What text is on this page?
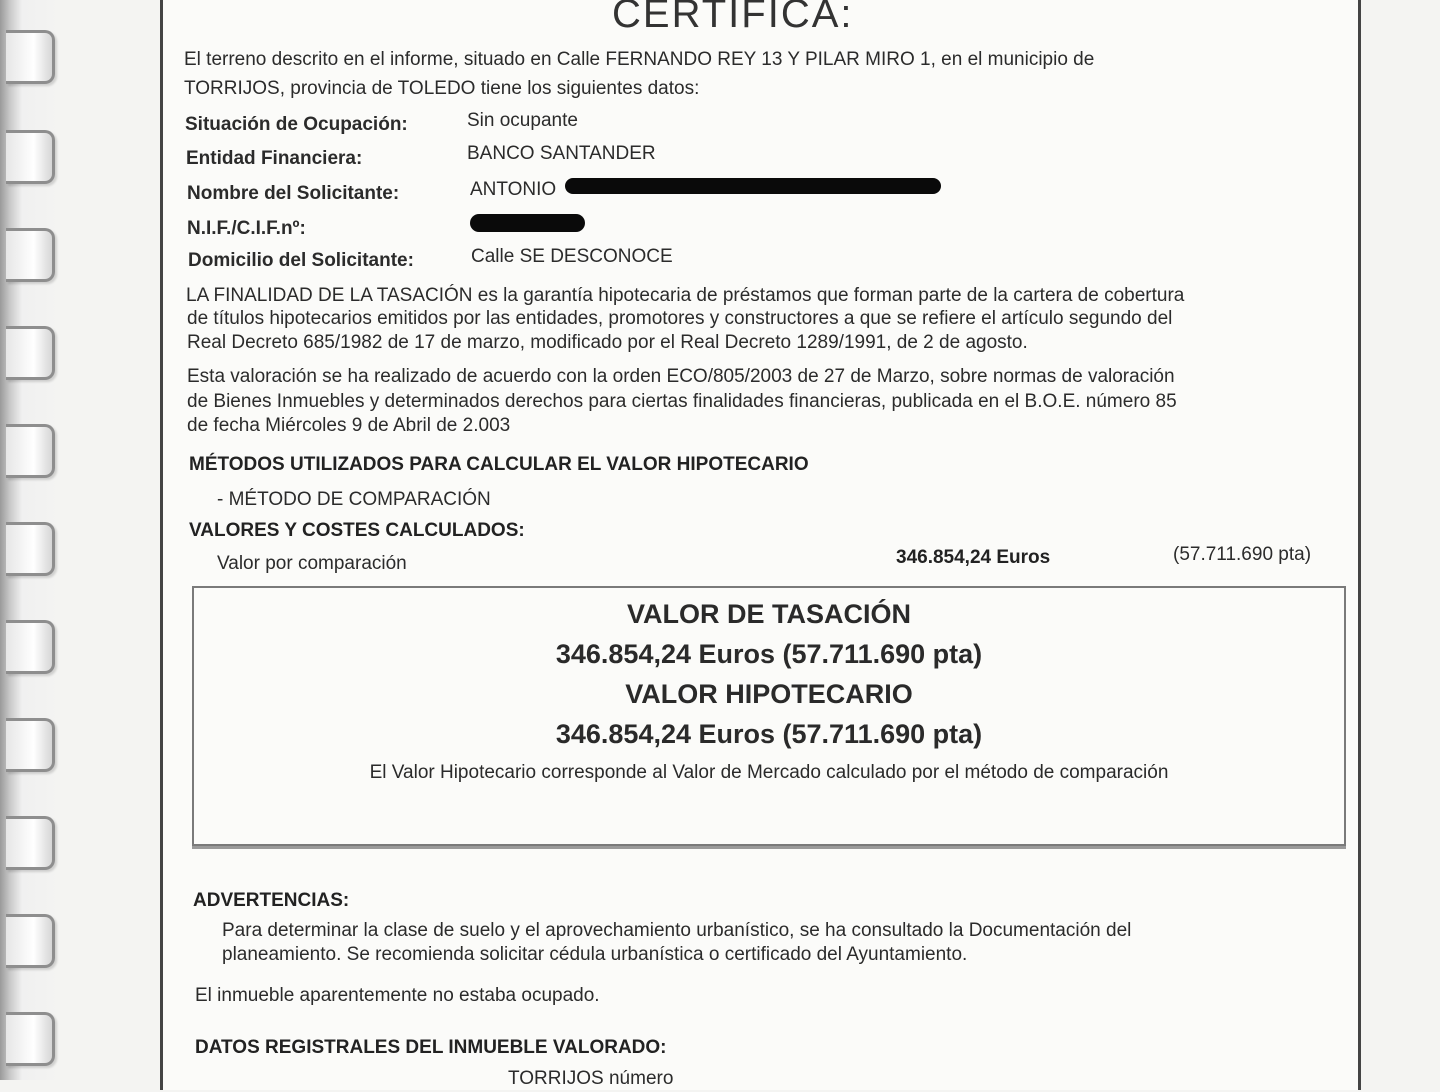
CERTIFICA:
El terreno descrito en el informe, situado en Calle FERNANDO REY 13 Y PILAR MIRO 1, en el municipio de
TORRIJOS, provincia de TOLEDO tiene los siguientes datos:
Situación de Ocupación:	Sin ocupante
Entidad Financiera:	BANCO SANTANDER
Nombre del Solicitante:	ANTONIO
N.I.F./C.I.F.nº:
Domicilio del Solicitante:	Calle SE DESCONOCE
LA FINALIDAD DE LA TASACIÓN es la garantía hipotecaria de préstamos que forman parte de la cartera de cobertura
de títulos hipotecarios emitidos por las entidades, promotores y constructores a que se refiere el artículo segundo del
Real Decreto 685/1982 de 17 de marzo, modificado por el Real Decreto 1289/1991, de 2 de agosto.
Esta valoración se ha realizado de acuerdo con la orden ECO/805/2003 de 27 de Marzo, sobre normas de valoración
de Bienes Inmuebles y determinados derechos para ciertas finalidades financieras, publicada en el B.O.E. número 85
de fecha Miércoles 9 de Abril de 2.003
MÉTODOS UTILIZADOS PARA CALCULAR EL VALOR HIPOTECARIO
- MÉTODO DE COMPARACIÓN
VALORES Y COSTES CALCULADOS:
Valor por comparación	346.854,24 Euros	(57.711.690 pta)
VALOR DE TASACIÓN
346.854,24 Euros (57.711.690 pta)
VALOR HIPOTECARIO
346.854,24 Euros (57.711.690 pta)
El Valor Hipotecario corresponde al Valor de Mercado calculado por el método de comparación
ADVERTENCIAS:
Para determinar la clase de suelo y el aprovechamiento urbanístico, se ha consultado la Documentación del
planeamiento. Se recomienda solicitar cédula urbanística o certificado del Ayuntamiento.
El inmueble aparentemente no estaba ocupado.
DATOS REGISTRALES DEL INMUEBLE VALORADO:
TORRIJOS número
